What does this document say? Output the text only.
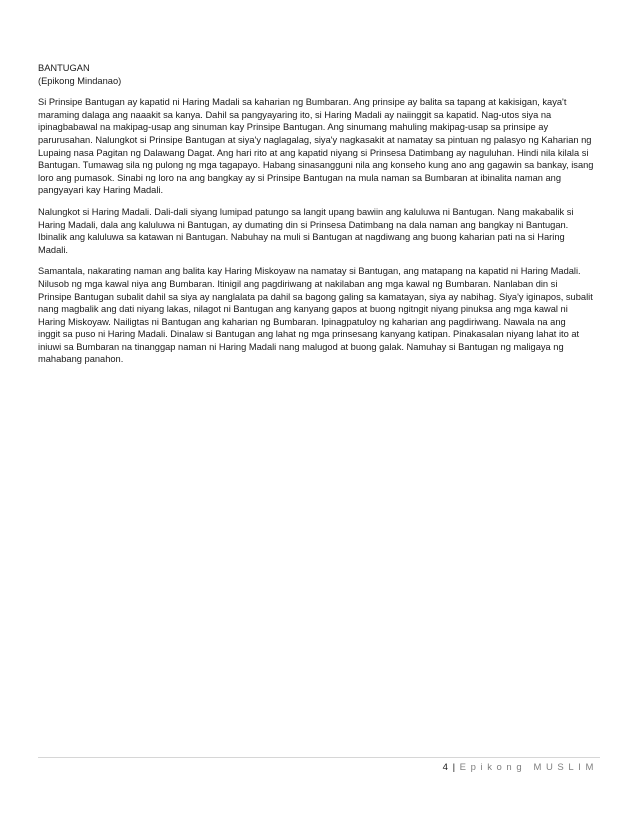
BANTUGAN
(Epikong Mindanao)
Si Prinsipe Bantugan ay kapatid ni Haring Madali sa kaharian ng Bumbaran. Ang prinsipe ay balita sa tapang at kakisigan, kaya't
maraming dalaga ang naaakit sa kanya. Dahil sa pangyayaring ito, si Haring Madali ay naiinggit sa kapatid. Nag-utos siya na
ipinagbabawal na makipag-usap ang sinuman kay Prinsipe Bantugan. Ang sinumang mahuling makipag-usap sa prinsipe ay
parurusahan. Nalungkot si Prinsipe Bantugan at siya'y naglagalag, siya'y nagkasakit at namatay sa pintuan ng palasyo ng Kaharian ng
Lupaing nasa Pagitan ng Dalawang Dagat. Ang hari rito at ang kapatid niyang si Prinsesa Datimbang ay naguluhan. Hindi nila kilala si
Bantugan. Tumawag sila ng pulong ng mga tagapayo. Habang sinasangguni nila ang konseho kung ano ang gagawin sa bankay, isang
loro ang pumasok. Sinabi ng loro na ang bangkay ay si Prinsipe Bantugan na mula naman sa Bumbaran at ibinalita naman ang
pangyayari kay Haring Madali.
Nalungkot si Haring Madali. Dali-dali siyang lumipad patungo sa langit upang bawiin ang kaluluwa ni Bantugan. Nang makabalik si
Haring Madali, dala ang kaluluwa ni Bantugan, ay dumating din si Prinsesa Datimbang na dala naman ang bangkay ni Bantugan.
Ibinalik ang kaluluwa sa katawan ni Bantugan. Nabuhay na muli si Bantugan at nagdiwang ang buong kaharian pati na si Haring
Madali.
Samantala, nakarating naman ang balita kay Haring Miskoyaw na namatay si Bantugan, ang matapang na kapatid ni Haring Madali.
Nilusob ng mga kawal niya ang Bumbaran. Itinigil ang pagdiriwang at nakilaban ang mga kawal ng Bumbaran. Nanlaban din si
Prinsipe Bantugan subalit dahil sa siya ay nanglalata pa dahil sa bagong galing sa kamatayan, siya ay nabihag. Siya'y iginapos, subalit
nang magbalik ang dati niyang lakas, nilagot ni Bantugan ang kanyang gapos at buong ngitngit niyang pinuksa ang mga kawal ni
Haring Miskoyaw. Nailigtas ni Bantugan ang kaharian ng Bumbaran. Ipinagpatuloy ng kaharian ang pagdiriwang. Nawala na ang
inggit sa puso ni Haring Madali. Dinalaw si Bantugan ang lahat ng mga prinsesang kanyang katipan. Pinakasalan niyang lahat ito at
iniuwi sa Bumbaran na tinanggap naman ni Haring Madali nang malugod at buong galak. Namuhay si Bantugan ng maligaya ng
mahabang panahon.
4 | Epikong MUSLIM
